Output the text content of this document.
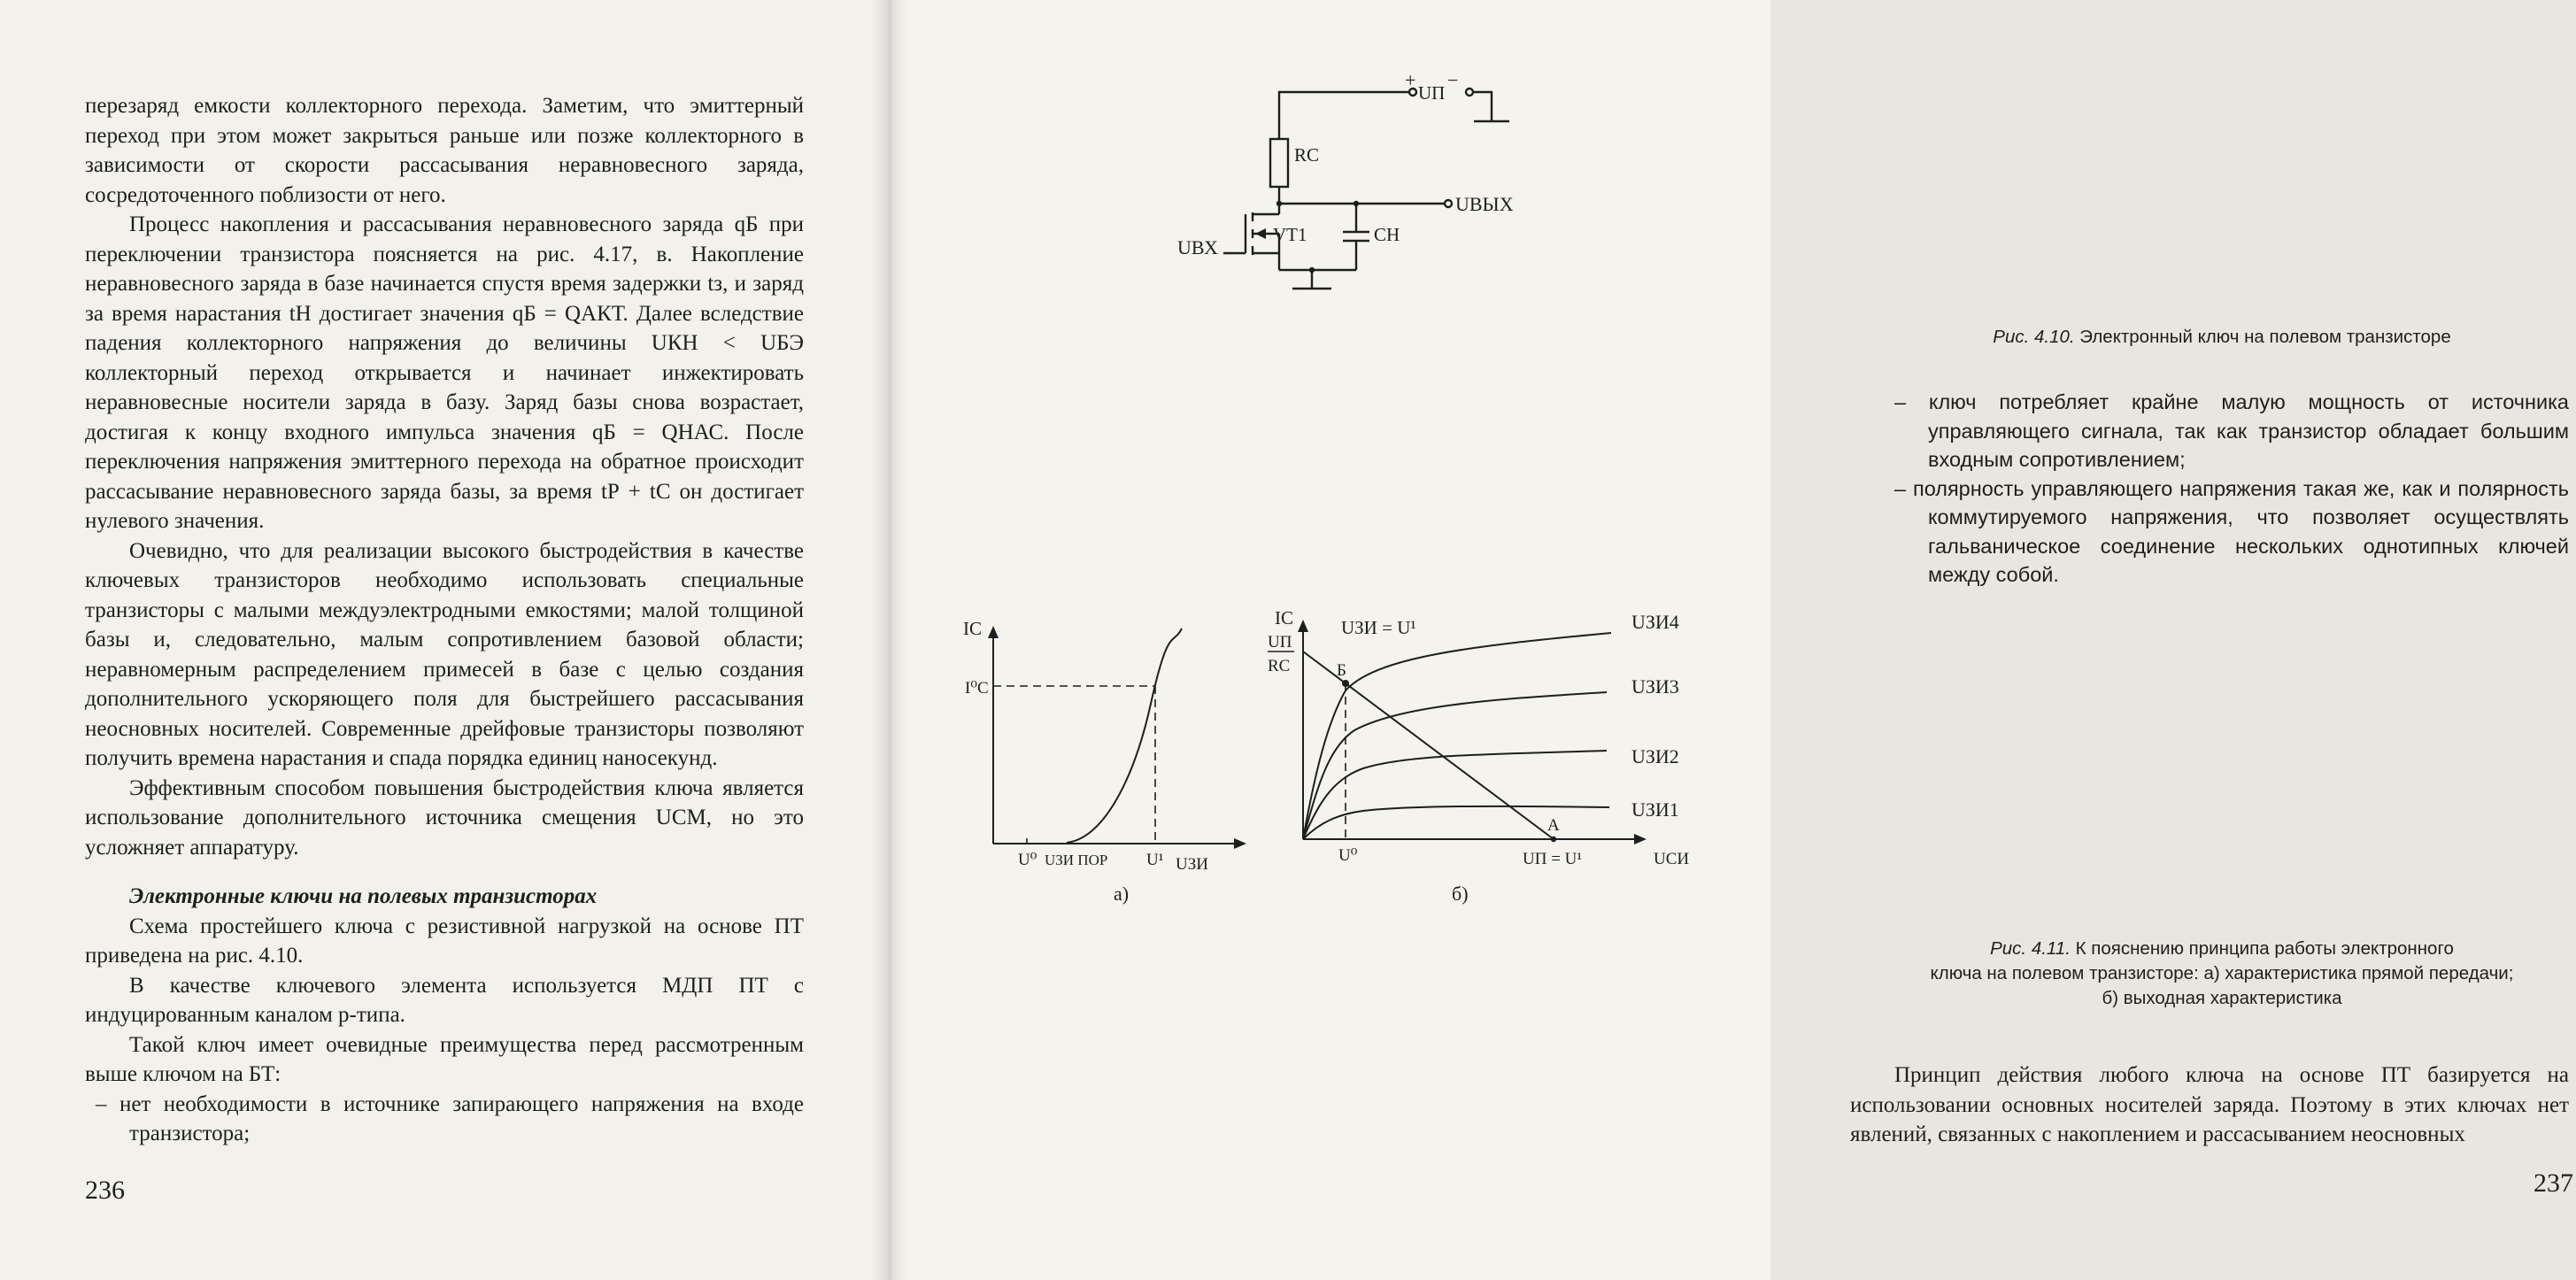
перезаряд емкости коллекторного перехода. Заметим, что эмиттерный переход при этом может закрыться раньше или позже коллекторного в зависимости от скорости рассасывания неравновесного заряда, сосредоточенного поблизости от него.

Процесс накопления и рассасывания неравновесного заряда qБ при переключении транзистора поясняется на рис. 4.17, в. Накопление неравновесного заряда в базе начинается спустя время задержки tз, и заряд за время нарастания tН достигает значения qБ = QАКТ. Далее вследствие падения коллекторного напряжения до величины UКН < UБЭ коллекторный переход открывается и начинает инжектировать неравновесные носители заряда в базу. Заряд базы снова возрастает, достигая к концу входного импульса значения qБ = QНАС. После переключения напряжения эмиттерного перехода на обратное происходит рассасывание неравновесного заряда базы, за время tР + tС он достигает нулевого значения.

Очевидно, что для реализации высокого быстродействия в качестве ключевых транзисторов необходимо использовать специальные транзисторы с малыми междуэлектродными емкостями; малой толщиной базы и, следовательно, малым сопротивлением базовой области; неравномерным распределением примесей в базе с целью создания дополнительного ускоряющего поля для быстрейшего рассасывания неосновных носителей. Современные дрейфовые транзисторы позволяют получить времена нарастания и спада порядка единиц наносекунд.

Эффективным способом повышения быстродействия ключа является использование дополнительного источника смещения UСМ, но это усложняет аппаратуру.

Электронные ключи на полевых транзисторах

Схема простейшего ключа с резистивной нагрузкой на основе ПТ приведена на рис. 4.10.

В качестве ключевого элемента используется МДП ПТ с индуцированным каналом p-типа.

Такой ключ имеет очевидные преимущества перед рассмотренным выше ключом на БТ:

– нет необходимости в источнике запирающего напряжения на входе транзистора;

236
+ −
UП
RС
UВЫХ
UВХ
VT1	СН
Рис. 4.10. Электронный ключ на полевом транзисторе

– ключ потребляет крайне малую мощность от источника управляющего сигнала, так как транзистор обладает большим входным сопротивлением;

– полярность управляющего напряжения такая же, как и полярность коммутируемого напряжения, что позволяет осуществлять гальваническое соединение нескольких однотипных ключей между собой.

IС
I⁰С
U⁰ UЗИ ПОР U¹ UЗИ
а)
IС
UП
RС	Б
А
UЗИ = U¹	UЗИ4
UЗИ3
UЗИ2
UЗИ1
U⁰	UП = U¹	UСИ
б)
Рис. 4.11. К пояснению принципа работы электронного
ключа на полевом транзисторе: а) характеристика прямой передачи;
б) выходная характеристика

Принцип действия любого ключа на основе ПТ базируется на использовании основных носителей заряда. Поэтому в этих ключах нет явлений, связанных с накоплением и рассасыванием неосновных

237
